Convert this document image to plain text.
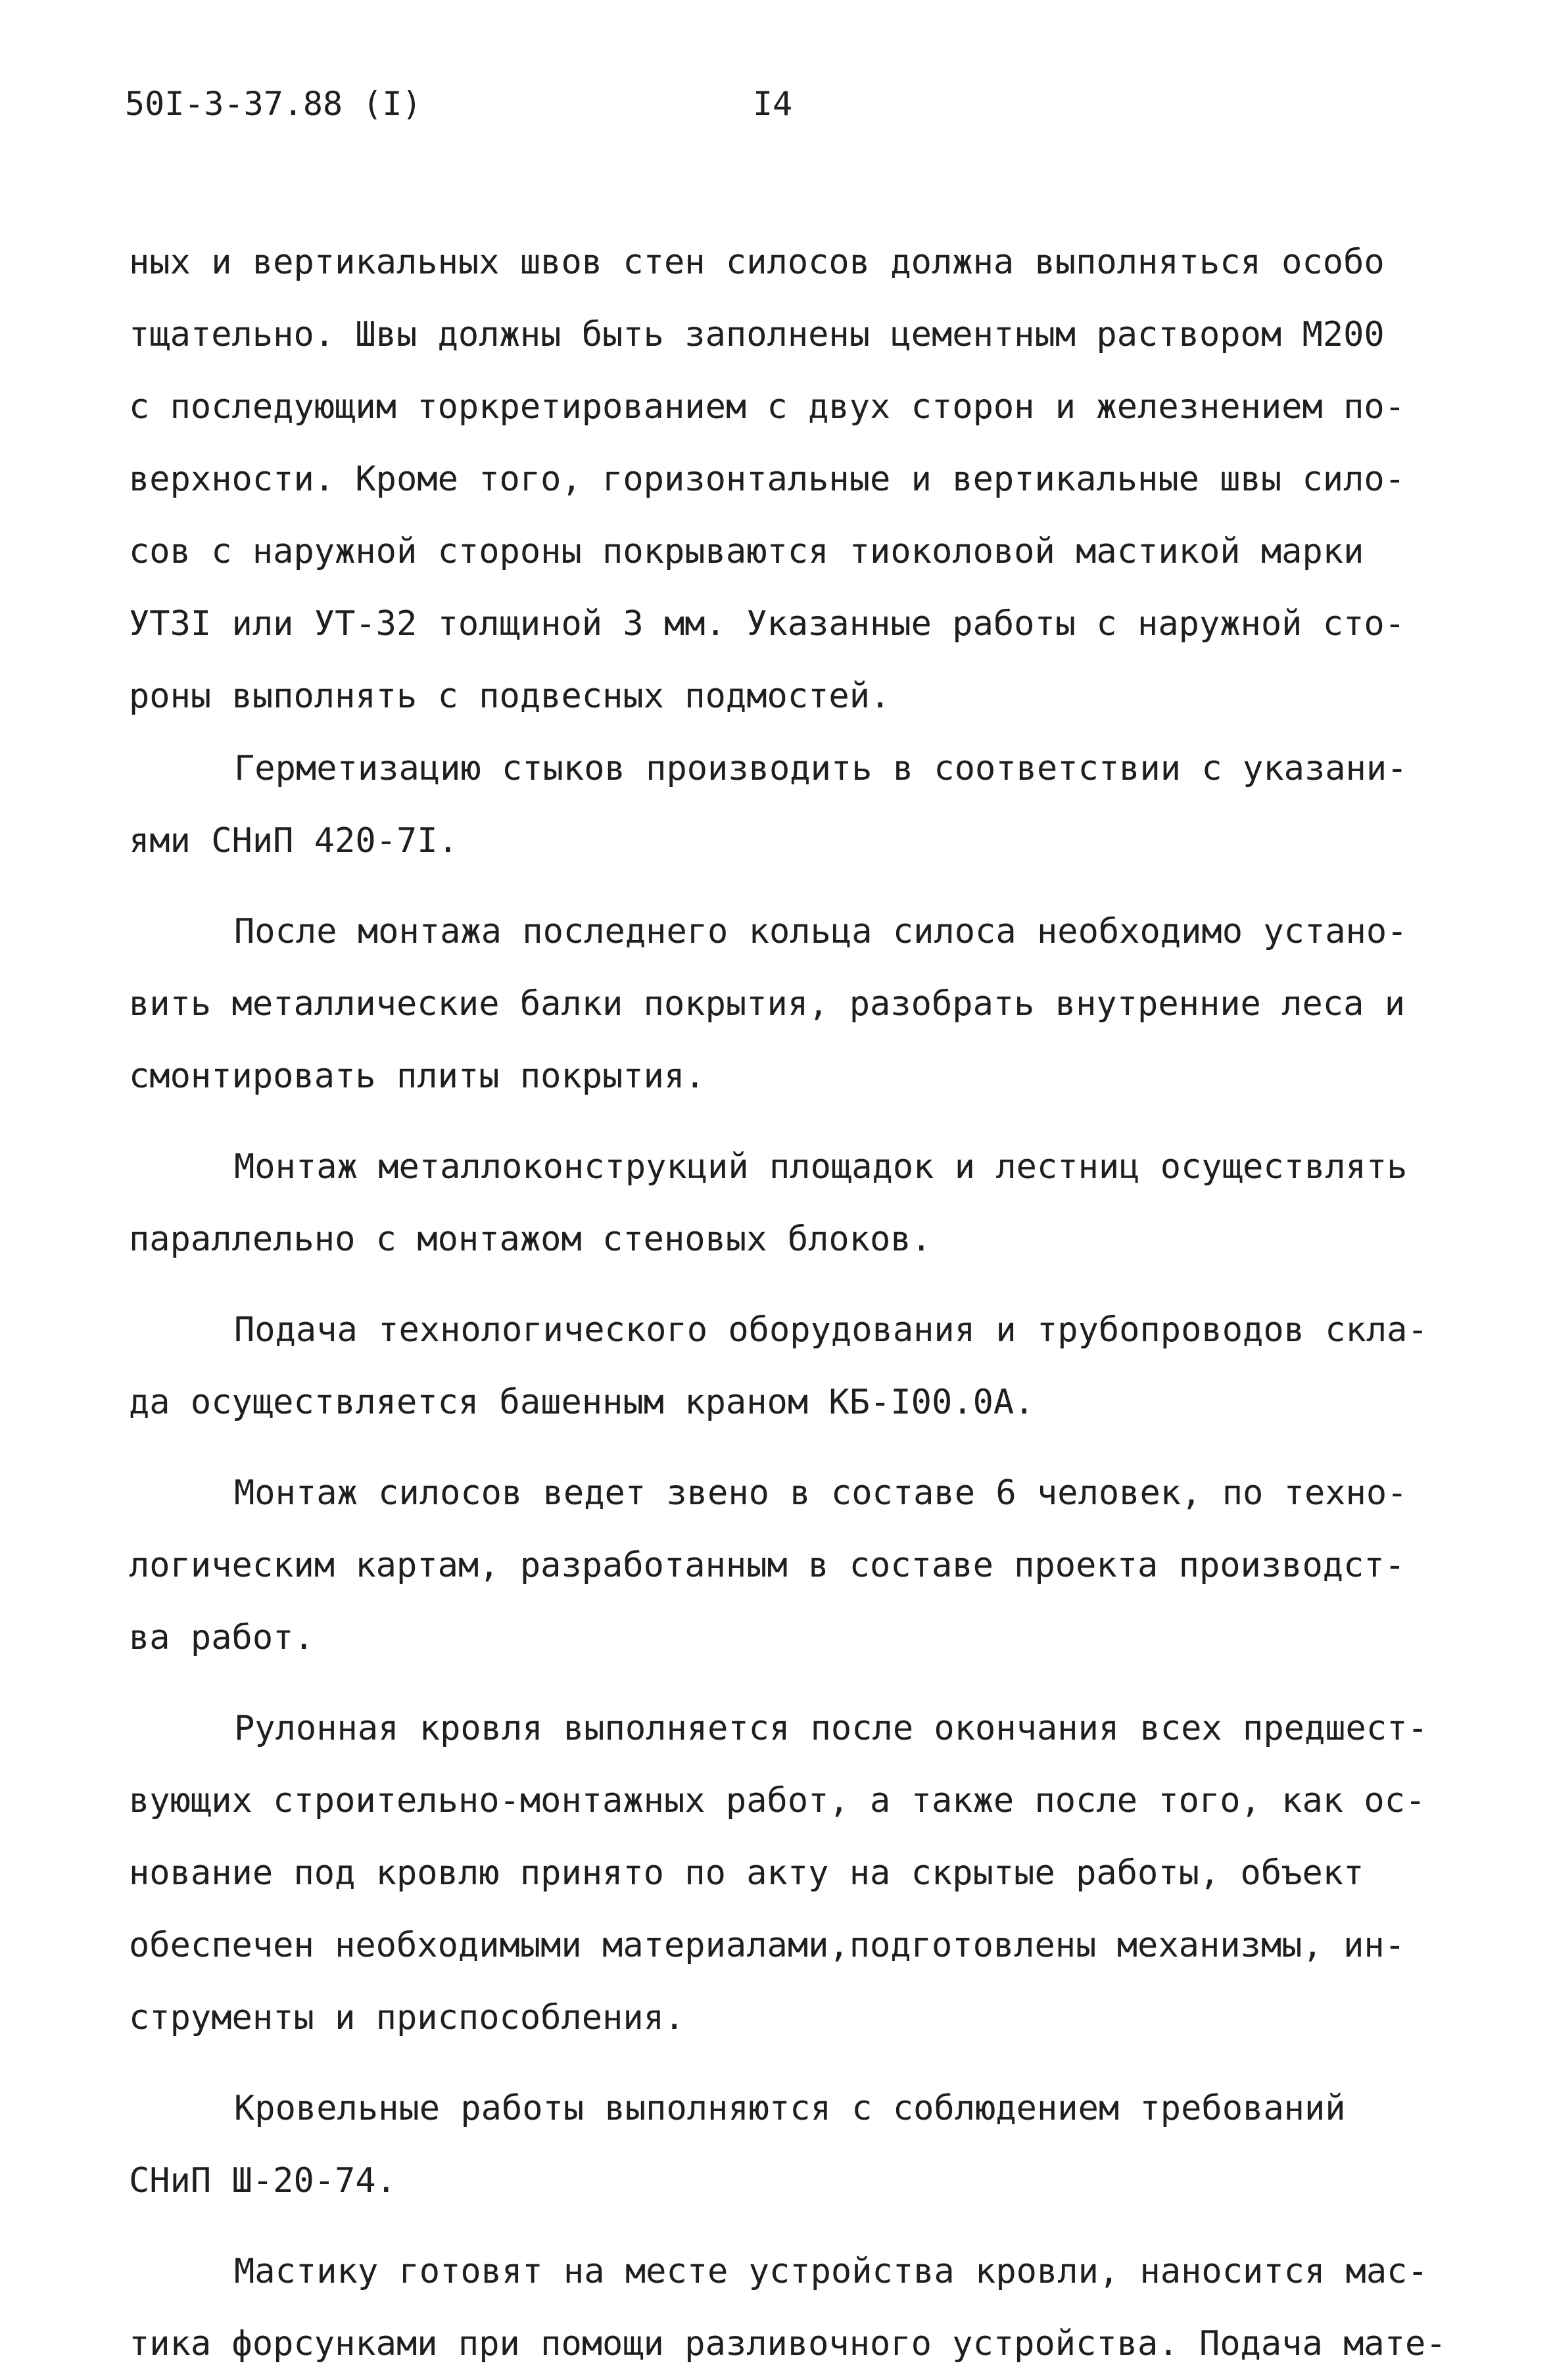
50I-3-37.88 (I)	I4
ных и вертикальных швов стен силосов должна выполняться особо
тщательно. Швы должны быть заполнены цементным раствором М200
с последующим торкретированием с двух сторон и железнением по-
верхности. Кроме того, горизонтальные и вертикальные швы сило-
сов с наружной стороны покрываются тиоколовой мастикой марки
УТ3I или УТ-32 толщиной 3 мм. Указанные работы с наружной сто-
роны выполнять с подвесных подмостей.
Герметизацию стыков производить в соответствии с указани-
ями СНиП 420-7I.
После монтажа последнего кольца силоса необходимо устано-
вить металлические балки покрытия, разобрать внутренние леса и
смонтировать плиты покрытия.
Монтаж металлоконструкций площадок и лестниц осуществлять
параллельно с монтажом стеновых блоков.
Подача технологического оборудования и трубопроводов скла-
да осуществляется башенным краном КБ-I00.0А.
Монтаж силосов ведет звено в составе 6 человек, по техно-
логическим картам, разработанным в составе проекта производст-
ва работ.
Рулонная кровля выполняется после окончания всех предшест-
вующих строительно-монтажных работ, а также после того, как ос-
нование под кровлю принято по акту на скрытые работы, объект
обеспечен необходимыми материалами,подготовлены механизмы, ин-
струменты и приспособления.
Кровельные работы выполняются с соблюдением требований
СНиП Ш-20-74.
Мастику готовят на месте устройства кровли, наносится мас-
тика форсунками при помощи разливочного устройства. Подача мате-
